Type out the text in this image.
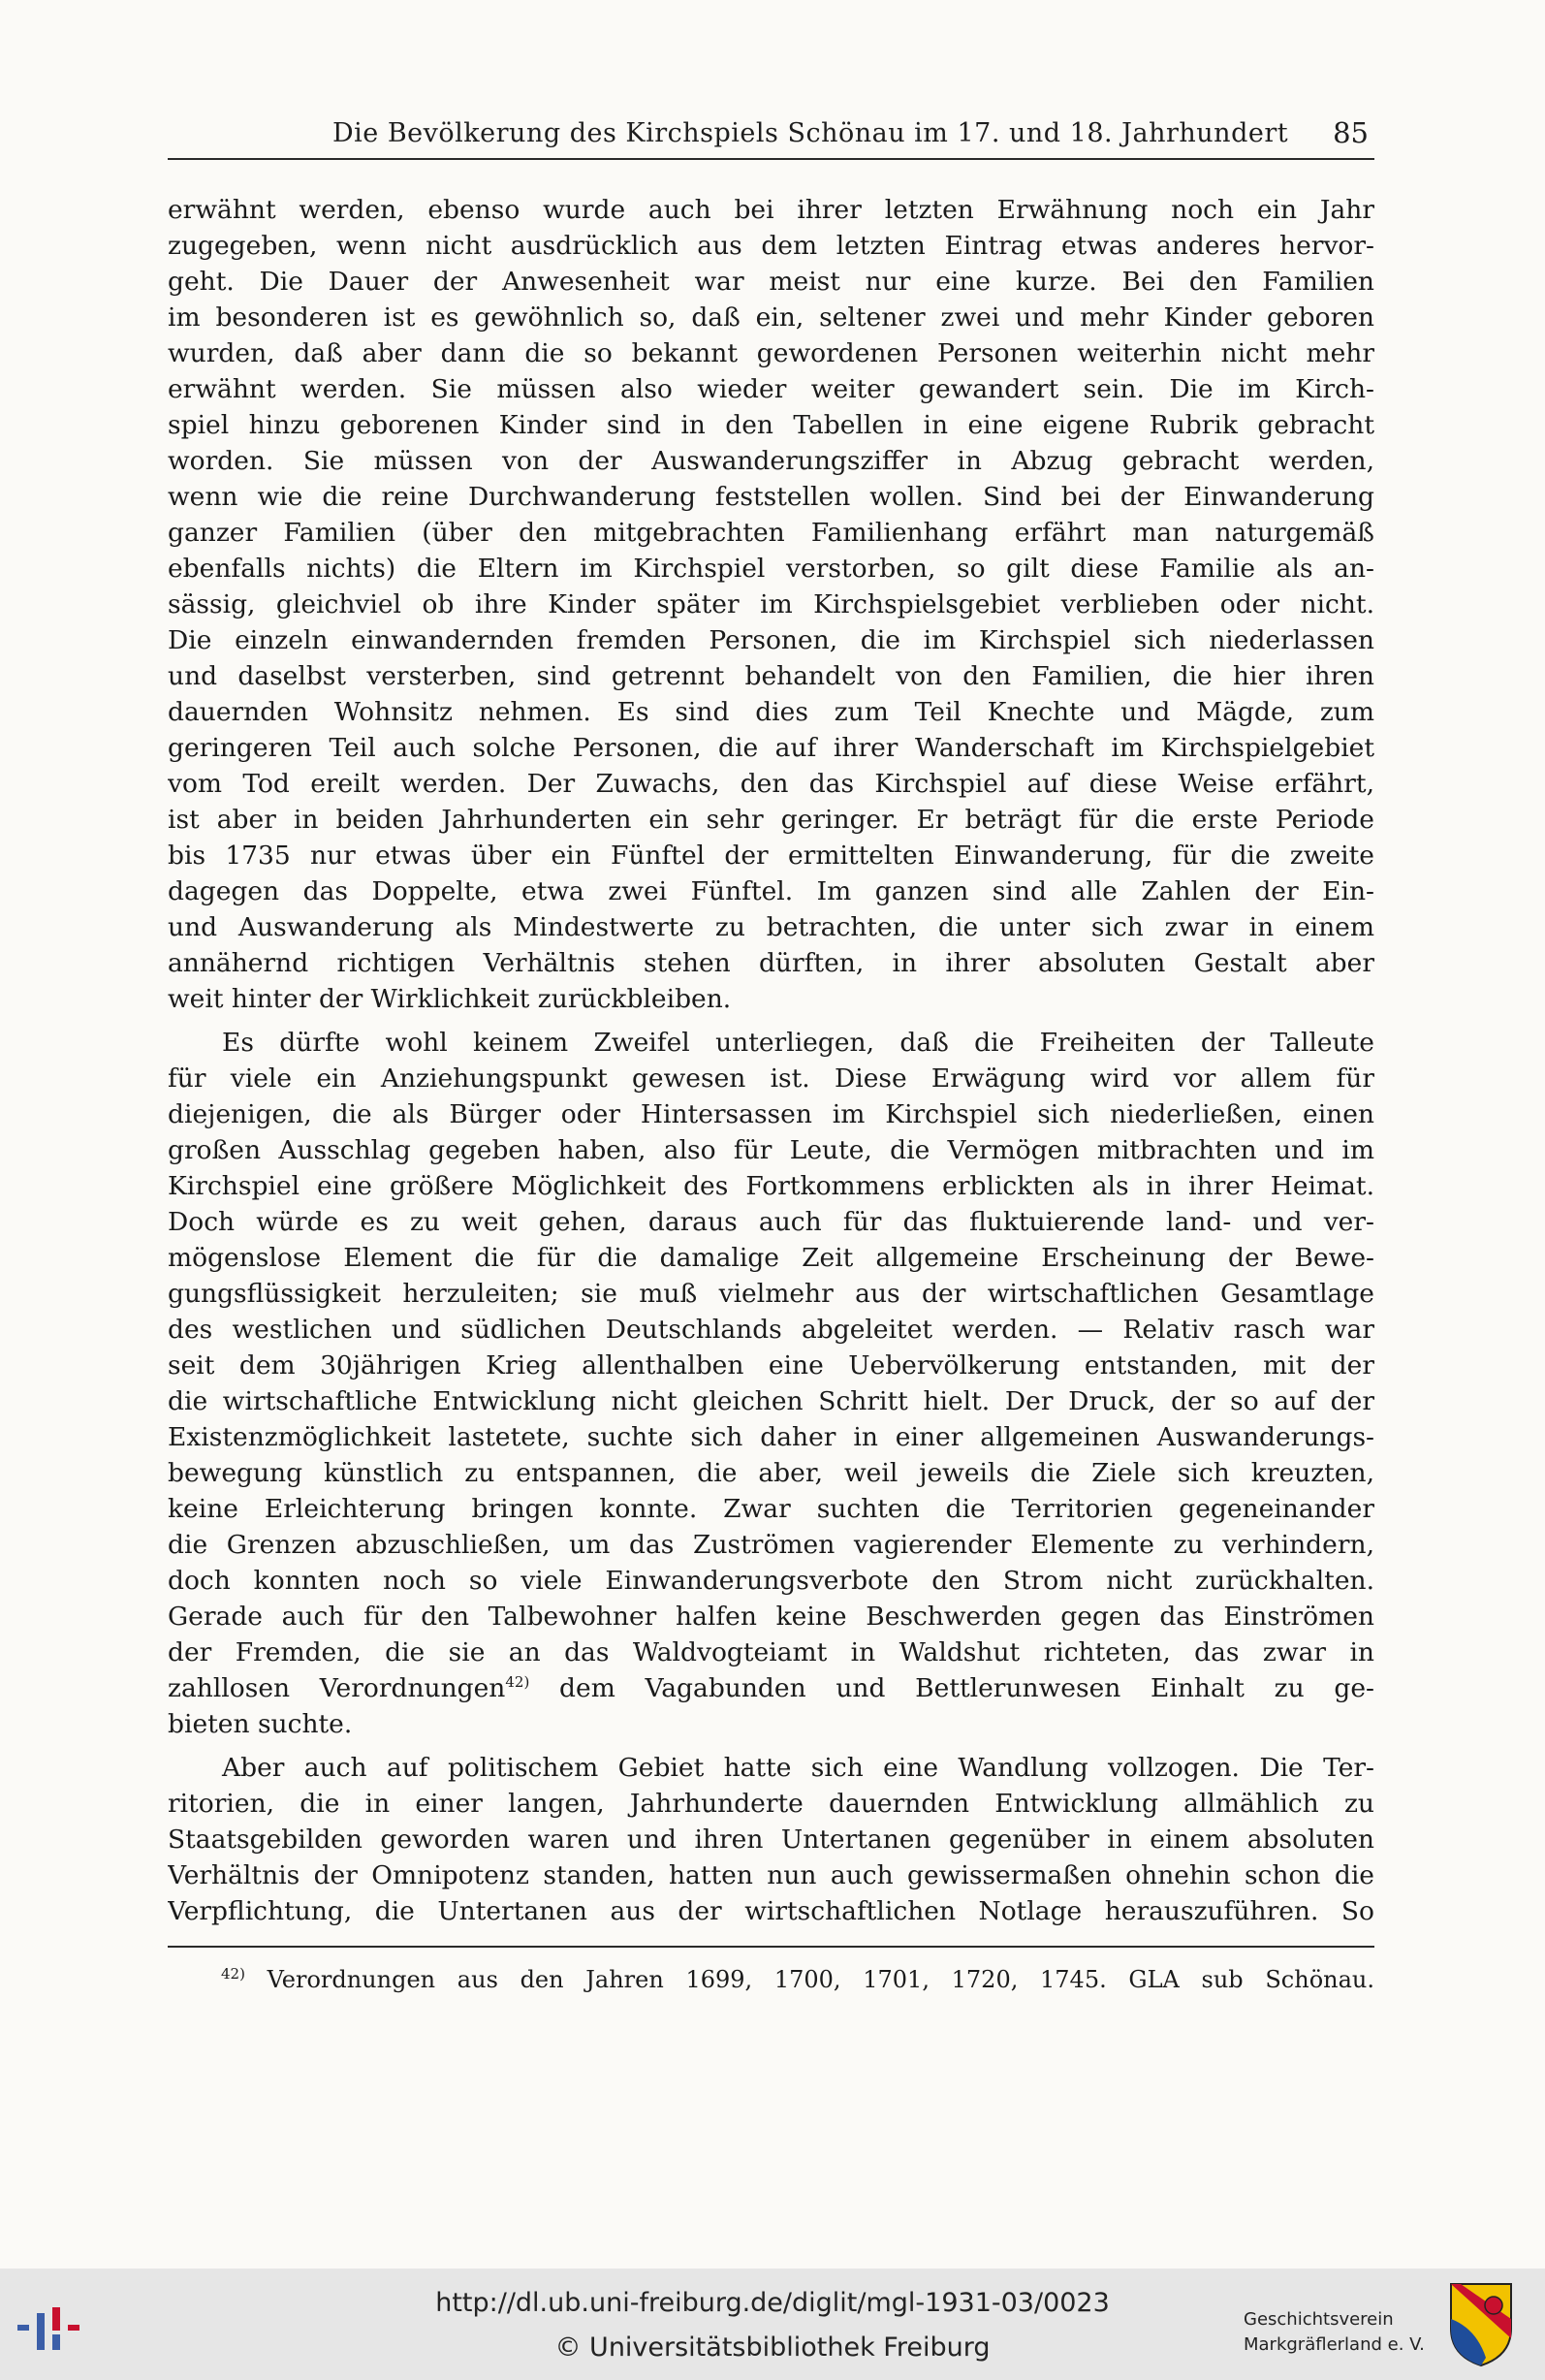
Die Bevölkerung des Kirchspiels Schönau im 17. und 18. Jahrhundert 85
erwähnt werden, ebenso wurde auch bei ihrer letzten Erwähnung noch ein Jahr
zugegeben, wenn nicht ausdrücklich aus dem letzten Eintrag etwas anderes hervor-
geht. Die Dauer der Anwesenheit war meist nur eine kurze. Bei den Familien
im besonderen ist es gewöhnlich so, daß ein, seltener zwei und mehr Kinder geboren
wurden, daß aber dann die so bekannt gewordenen Personen weiterhin nicht mehr
erwähnt werden. Sie müssen also wieder weiter gewandert sein. Die im Kirch-
spiel hinzu geborenen Kinder sind in den Tabellen in eine eigene Rubrik gebracht
worden. Sie müssen von der Auswanderungsziffer in Abzug gebracht werden,
wenn wie die reine Durchwanderung feststellen wollen. Sind bei der Einwanderung
ganzer Familien (über den mitgebrachten Familienhang erfährt man naturgemäß
ebenfalls nichts) die Eltern im Kirchspiel verstorben, so gilt diese Familie als an-
sässig, gleichviel ob ihre Kinder später im Kirchspielsgebiet verblieben oder nicht.
Die einzeln einwandernden fremden Personen, die im Kirchspiel sich niederlassen
und daselbst versterben, sind getrennt behandelt von den Familien, die hier ihren
dauernden Wohnsitz nehmen. Es sind dies zum Teil Knechte und Mägde, zum
geringeren Teil auch solche Personen, die auf ihrer Wanderschaft im Kirchspielgebiet
vom Tod ereilt werden. Der Zuwachs, den das Kirchspiel auf diese Weise erfährt,
ist aber in beiden Jahrhunderten ein sehr geringer. Er beträgt für die erste Periode
bis 1735 nur etwas über ein Fünftel der ermittelten Einwanderung, für die zweite
dagegen das Doppelte, etwa zwei Fünftel. Im ganzen sind alle Zahlen der Ein-
und Auswanderung als Mindestwerte zu betrachten, die unter sich zwar in einem
annähernd richtigen Verhältnis stehen dürften, in ihrer absoluten Gestalt aber
weit hinter der Wirklichkeit zurückbleiben.
Es dürfte wohl keinem Zweifel unterliegen, daß die Freiheiten der Talleute
für viele ein Anziehungspunkt gewesen ist. Diese Erwägung wird vor allem für
diejenigen, die als Bürger oder Hintersassen im Kirchspiel sich niederließen, einen
großen Ausschlag gegeben haben, also für Leute, die Vermögen mitbrachten und im
Kirchspiel eine größere Möglichkeit des Fortkommens erblickten als in ihrer Heimat.
Doch würde es zu weit gehen, daraus auch für das fluktuierende land- und ver-
mögenslose Element die für die damalige Zeit allgemeine Erscheinung der Bewe-
gungsflüssigkeit herzuleiten; sie muß vielmehr aus der wirtschaftlichen Gesamtlage
des westlichen und südlichen Deutschlands abgeleitet werden. — Relativ rasch war
seit dem 30jährigen Krieg allenthalben eine Uebervölkerung entstanden, mit der
die wirtschaftliche Entwicklung nicht gleichen Schritt hielt. Der Druck, der so auf der
Existenzmöglichkeit lastetete, suchte sich daher in einer allgemeinen Auswanderungs-
bewegung künstlich zu entspannen, die aber, weil jeweils die Ziele sich kreuzten,
keine Erleichterung bringen konnte. Zwar suchten die Territorien gegeneinander
die Grenzen abzuschließen, um das Zuströmen vagierender Elemente zu verhindern,
doch konnten noch so viele Einwanderungsverbote den Strom nicht zurückhalten.
Gerade auch für den Talbewohner halfen keine Beschwerden gegen das Einströmen
der Fremden, die sie an das Waldvogteiamt in Waldshut richteten, das zwar in
zahllosen Verordnungen$^{42)}$ dem Vagabunden und Bettlerunwesen Einhalt zu ge-
bieten suchte.
Aber auch auf politischem Gebiet hatte sich eine Wandlung vollzogen. Die Ter-
ritorien, die in einer langen, Jahrhunderte dauernden Entwicklung allmählich zu
Staatsgebilden geworden waren und ihren Untertanen gegenüber in einem absoluten
Verhältnis der Omnipotenz standen, hatten nun auch gewissermaßen ohnehin schon die
Verpflichtung, die Untertanen aus der wirtschaftlichen Notlage herauszuführen. So
$^{42)}$ Verordnungen aus den Jahren 1699, 1700, 1701, 1720, 1745. GLA sub Schönau.
http://dl.ub.uni-freiburg.de/diglit/mgl-1931-03/0023
© Universitätsbibliothek Freiburg
Geschichtsverein
Markgräflerland e. V.
